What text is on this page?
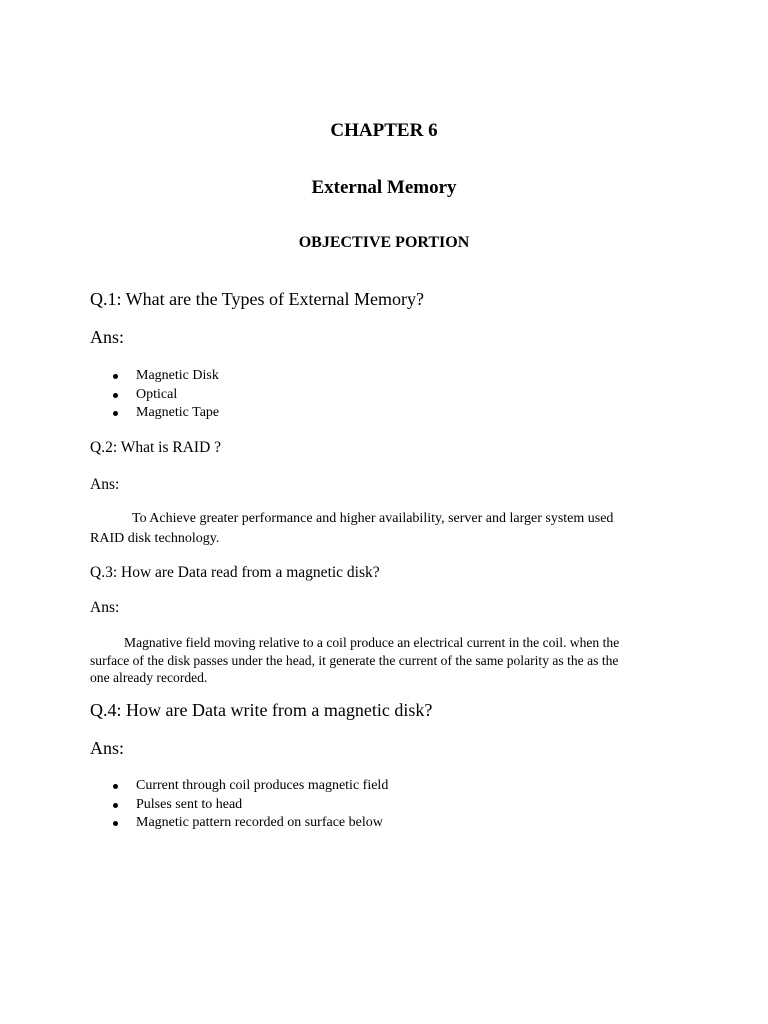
CHAPTER 6
External Memory
OBJECTIVE PORTION
Q.1: What are the Types of External Memory?
Ans:
Magnetic Disk
Optical
Magnetic Tape
Q.2: What is RAID ?
Ans:
To Achieve greater performance and higher availability, server and larger system used
RAID disk technology.
Q.3: How are Data read from a magnetic disk?
Ans:
Magnative field moving relative to a coil produce an electrical current in the coil. when the
surface of the disk passes under the head, it generate the current of the same polarity as the as the
one already recorded.
Q.4: How are Data write from a magnetic disk?
Ans:
Current through coil produces magnetic field
Pulses sent to head
Magnetic pattern recorded on surface below
